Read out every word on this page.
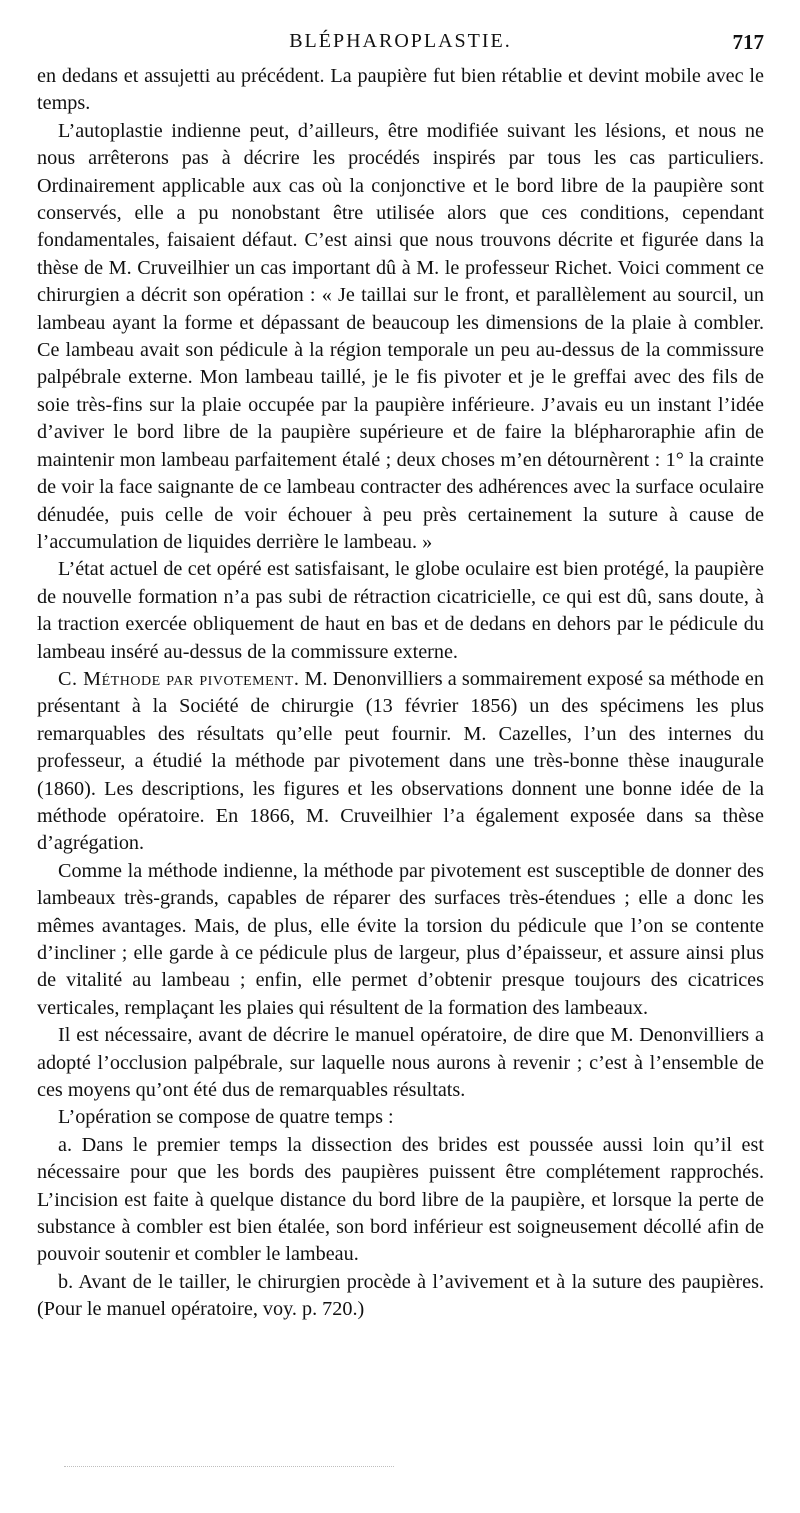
BLÉPHAROPLASTIE.	717

en dedans et assujetti au précédent. La paupière fut bien rétablie et devint mobile avec le temps.

L’autoplastie indienne peut, d’ailleurs, être modifiée suivant les lésions, et nous ne nous arrêterons pas à décrire les procédés inspirés par tous les cas particuliers. Ordinairement applicable aux cas où la conjonctive et le bord libre de la paupière sont conservés, elle a pu nonobstant être utilisée alors que ces conditions, cependant fondamentales, faisaient défaut. C’est ainsi que nous trouvons décrite et figurée dans la thèse de M. Cruveilhier un cas important dû à M. le professeur Richet. Voici comment ce chirurgien a décrit son opération : « Je taillai sur le front, et parallèlement au sourcil, un lambeau ayant la forme et dépassant de beaucoup les dimensions de la plaie à combler. Ce lambeau avait son pédicule à la région temporale un peu au-dessus de la commissure palpébrale externe. Mon lambeau taillé, je le fis pivoter et je le greffai avec des fils de soie très-fins sur la plaie occupée par la paupière inférieure. J’avais eu un instant l’idée d’aviver le bord libre de la paupière supérieure et de faire la blépharoraphie afin de maintenir mon lambeau parfaitement étalé ; deux choses m’en détournèrent : 1° la crainte de voir la face saignante de ce lambeau contracter des adhérences avec la surface oculaire dénudée, puis celle de voir échouer à peu près certainement la suture à cause de l’accumulation de liquides derrière le lambeau. »

L’état actuel de cet opéré est satisfaisant, le globe oculaire est bien protégé, la paupière de nouvelle formation n’a pas subi de rétraction cicatricielle, ce qui est dû, sans doute, à la traction exercée obliquement de haut en bas et de dedans en dehors par le pédicule du lambeau inséré au-dessus de la commissure externe.

C. Méthode par pivotement. M. Denonvilliers a sommairement exposé sa méthode en présentant à la Société de chirurgie (13 février 1856) un des spécimens les plus remarquables des résultats qu’elle peut fournir. M. Cazelles, l’un des internes du professeur, a étudié la méthode par pivotement dans une très-bonne thèse inaugurale (1860). Les descriptions, les figures et les observations donnent une bonne idée de la méthode opératoire. En 1866, M. Cruveilhier l’a également exposée dans sa thèse d’agrégation.

Comme la méthode indienne, la méthode par pivotement est susceptible de donner des lambeaux très-grands, capables de réparer des surfaces très-étendues ; elle a donc les mêmes avantages. Mais, de plus, elle évite la torsion du pédicule que l’on se contente d’incliner ; elle garde à ce pédicule plus de largeur, plus d’épaisseur, et assure ainsi plus de vitalité au lambeau ; enfin, elle permet d’obtenir presque toujours des cicatrices verticales, remplaçant les plaies qui résultent de la formation des lambeaux.

Il est nécessaire, avant de décrire le manuel opératoire, de dire que M. Denonvilliers a adopté l’occlusion palpébrale, sur laquelle nous aurons à revenir ; c’est à l’ensemble de ces moyens qu’ont été dus de remarquables résultats.

L’opération se compose de quatre temps :

a. Dans le premier temps la dissection des brides est poussée aussi loin qu’il est nécessaire pour que les bords des paupières puissent être complétement rapprochés. L’incision est faite à quelque distance du bord libre de la paupière, et lorsque la perte de substance à combler est bien étalée, son bord inférieur est soigneusement décollé afin de pouvoir soutenir et combler le lambeau.

b. Avant de le tailler, le chirurgien procède à l’avivement et à la suture des paupières. (Pour le manuel opératoire, voy. p. 720.)
